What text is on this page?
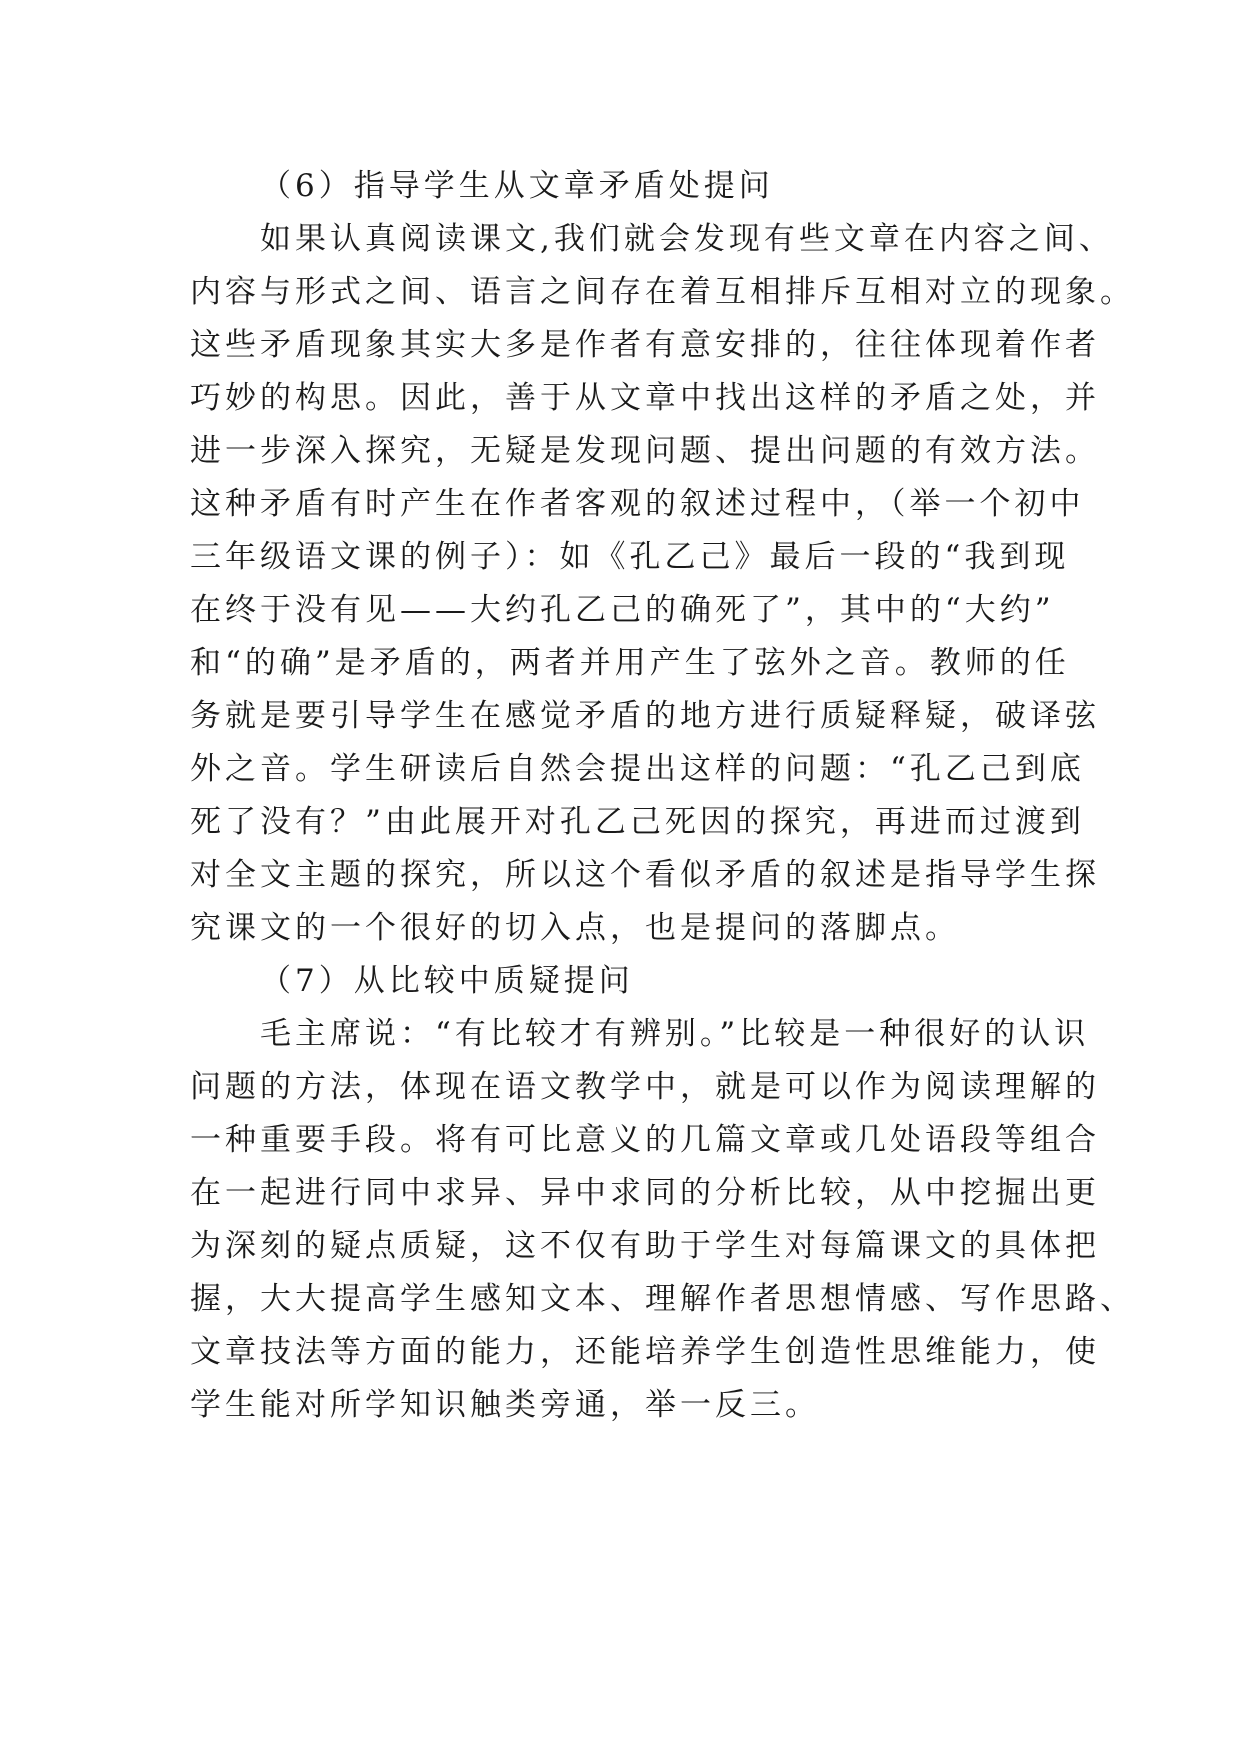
（6）指导学生从文章矛盾处提问
如果认真阅读课文,我们就会发现有些文章在内容之间、
内容与形式之间、语言之间存在着互相排斥互相对立的现象。
这些矛盾现象其实大多是作者有意安排的，往往体现着作者
巧妙的构思。因此，善于从文章中找出这样的矛盾之处，并
进一步深入探究，无疑是发现问题、提出问题的有效方法。
这种矛盾有时产生在作者客观的叙述过程中，（举一个初中
三年级语文课的例子）：如《孔乙己》最后一段的“我到现
在终于没有见——大约孔乙己的确死了”，其中的“大约”
和“的确”是矛盾的，两者并用产生了弦外之音。教师的任
务就是要引导学生在感觉矛盾的地方进行质疑释疑，破译弦
外之音。学生研读后自然会提出这样的问题：“孔乙己到底
死了没有？”由此展开对孔乙己死因的探究，再进而过渡到
对全文主题的探究，所以这个看似矛盾的叙述是指导学生探
究课文的一个很好的切入点，也是提问的落脚点。
（7）从比较中质疑提问
毛主席说：“有比较才有辨别。”比较是一种很好的认识
问题的方法，体现在语文教学中，就是可以作为阅读理解的
一种重要手段。将有可比意义的几篇文章或几处语段等组合
在一起进行同中求异、异中求同的分析比较，从中挖掘出更
为深刻的疑点质疑，这不仅有助于学生对每篇课文的具体把
握，大大提高学生感知文本、理解作者思想情感、写作思路、
文章技法等方面的能力，还能培养学生创造性思维能力，使
学生能对所学知识触类旁通，举一反三。
